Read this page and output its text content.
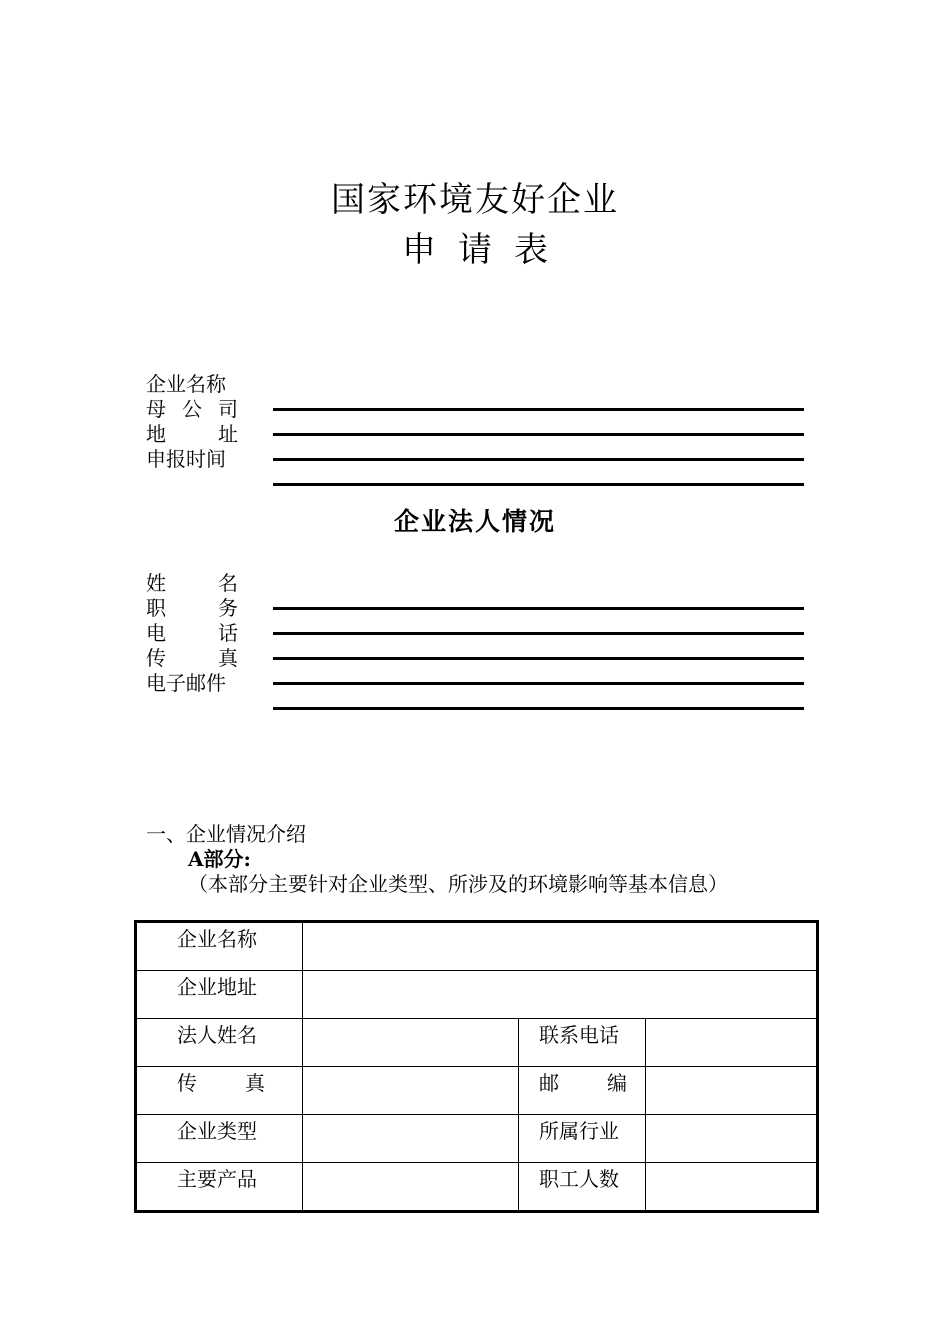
国家环境友好企业
申请表
企业名称
母公司
地址
申报时间
企业法人情况
姓名
职务
电话
传真
电子邮件
一、企业情况介绍
A部分:
（本部分主要针对企业类型、所涉及的环境影响等基本信息）
企业名称			

企业地址			

法人姓名		联系电话	

传真		邮编	

企业类型		所属行业	

主要产品		职工人数	
